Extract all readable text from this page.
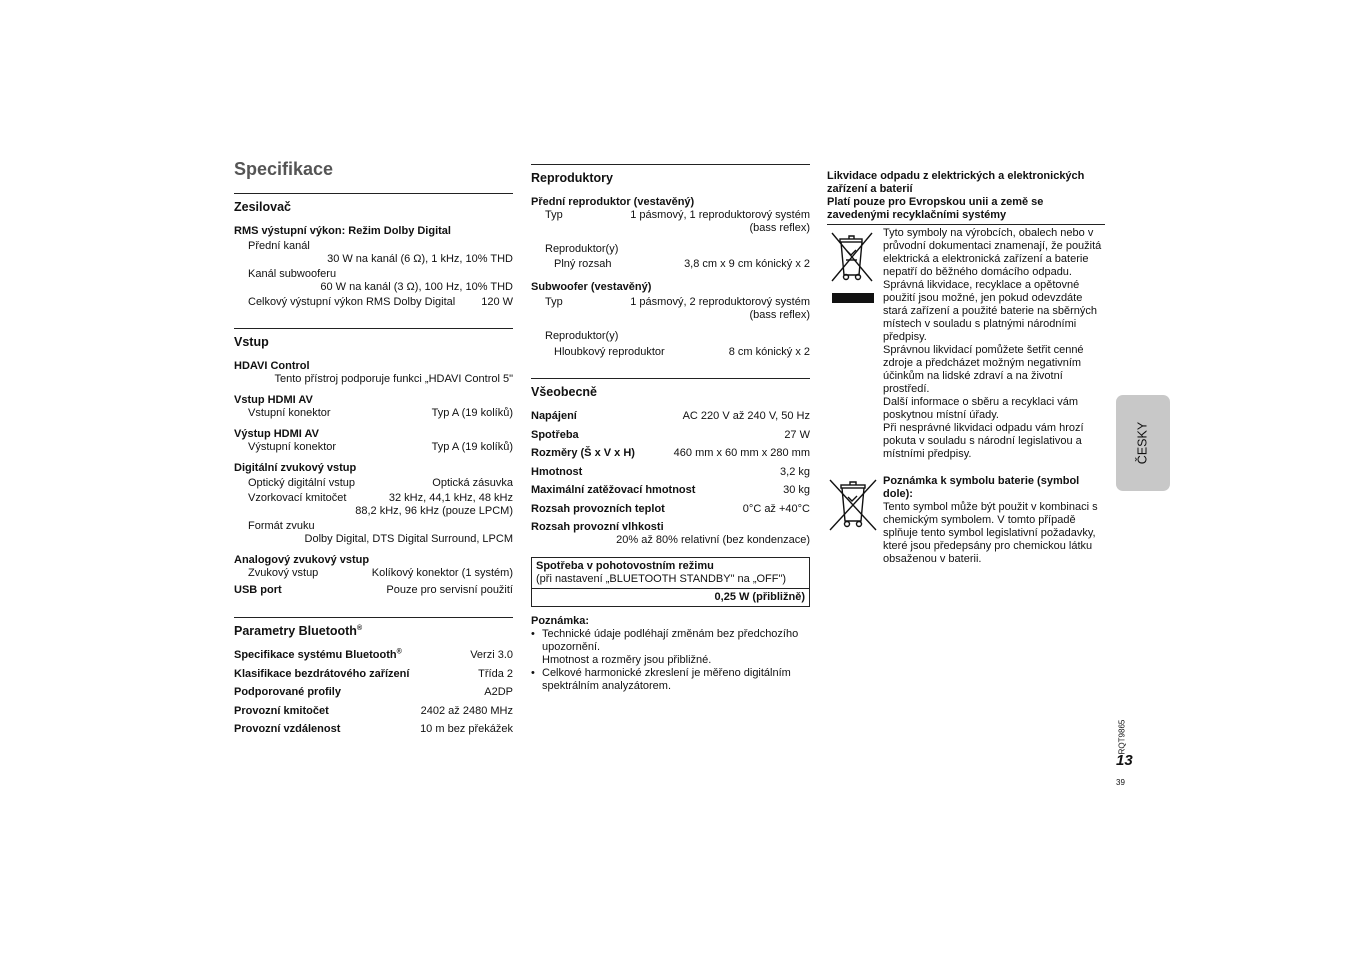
Specifikace
Zesilovač
RMS výstupní výkon: Režim Dolby Digital
Přední kanál
30 W na kanál (6 Ω), 1 kHz, 10% THD
Kanál subwooferu
60 W na kanál (3 Ω), 100 Hz, 10% THD
Celkový výstupní výkon RMS Dolby Digital 120 W
Vstup
HDAVI Control
Tento přístroj podporuje funkci „HDAVI Control 5"
Vstup HDMI AV
Vstupní konektor	Typ A (19 kolíků)
Výstup HDMI AV
Výstupní konektor	Typ A (19 kolíků)
Digitální zvukový vstup
Optický digitální vstup	Optická zásuvka
Vzorkovací kmitočet	32 kHz, 44,1 kHz, 48 kHz
88,2 kHz, 96 kHz (pouze LPCM)
Formát zvuku
Dolby Digital, DTS Digital Surround, LPCM
Analogový zvukový vstup
Zvukový vstup	Kolíkový konektor (1 systém)
USB port	Pouze pro servisní použití
Parametry Bluetooth®
Specifikace systému Bluetooth®	Verzi 3.0
Klasifikace bezdrátového zařízení	Třída 2
Podporované profily	A2DP
Provozní kmitočet	2402 až 2480 MHz
Provozní vzdálenost	10 m bez překážek
Reproduktory
Přední reproduktor (vestavěný)
Typ	1 pásmový, 1 reproduktorový systém
(bass reflex)
Reproduktor(y)
Plný rozsah	3,8 cm x 9 cm kónický x 2
Subwoofer (vestavěný)
Typ	1 pásmový, 2 reproduktorový systém
(bass reflex)
Reproduktor(y)
Hloubkový reproduktor	8 cm kónický x 2
Všeobecně
Napájení	AC 220 V až 240 V, 50 Hz
Spotřeba	27 W
Rozměry (Š x V x H)	460 mm x 60 mm x 280 mm
Hmotnost	3,2 kg
Maximální zatěžovací hmotnost	30 kg
Rozsah provozních teplot	0°C až +40°C
Rozsah provozní vlhkosti
20% až 80% relativní (bez kondenzace)
Spotřeba v pohotovostním režimu
(při nastavení „BLUETOOTH STANDBY" na „OFF")
0,25 W (přibližně)
Poznámka:
• Technické údaje podléhají změnám bez předchozího upozornění.
Hmotnost a rozměry jsou přibližné.
• Celkové harmonické zkreslení je měřeno digitálním spektrálním analyzátorem.
Likvidace odpadu z elektrických a elektronických zařízení a baterií
Platí pouze pro Evropskou unii a země se zavedenými recyklačními systémy
Tyto symboly na výrobcích, obalech nebo v průvodní dokumentaci znamenají, že použitá elektrická a elektronická zařízení a baterie nepatří do běžného domácího odpadu.
Správná likvidace, recyklace a opětovné použití jsou možné, jen pokud odevzdáte stará zařízení a použité baterie na sběrných místech v souladu s platnými národními předpisy.
Správnou likvidací pomůžete šetřit cenné zdroje a předcházet možným negativním účinkům na lidské zdraví a na životní prostředí.
Další informace o sběru a recyklaci vám poskytnou místní úřady.
Při nesprávné likvidaci odpadu vám hrozí pokuta v souladu s národní legislativou a místními předpisy.
Poznámka k symbolu baterie (symbol dole):
Tento symbol může být použit v kombinaci s chemickým symbolem. V tomto případě splňuje tento symbol legislativní požadavky, které jsou předepsány pro chemickou látku obsaženou v baterii.
ČESKY
RQT9865
13
39
